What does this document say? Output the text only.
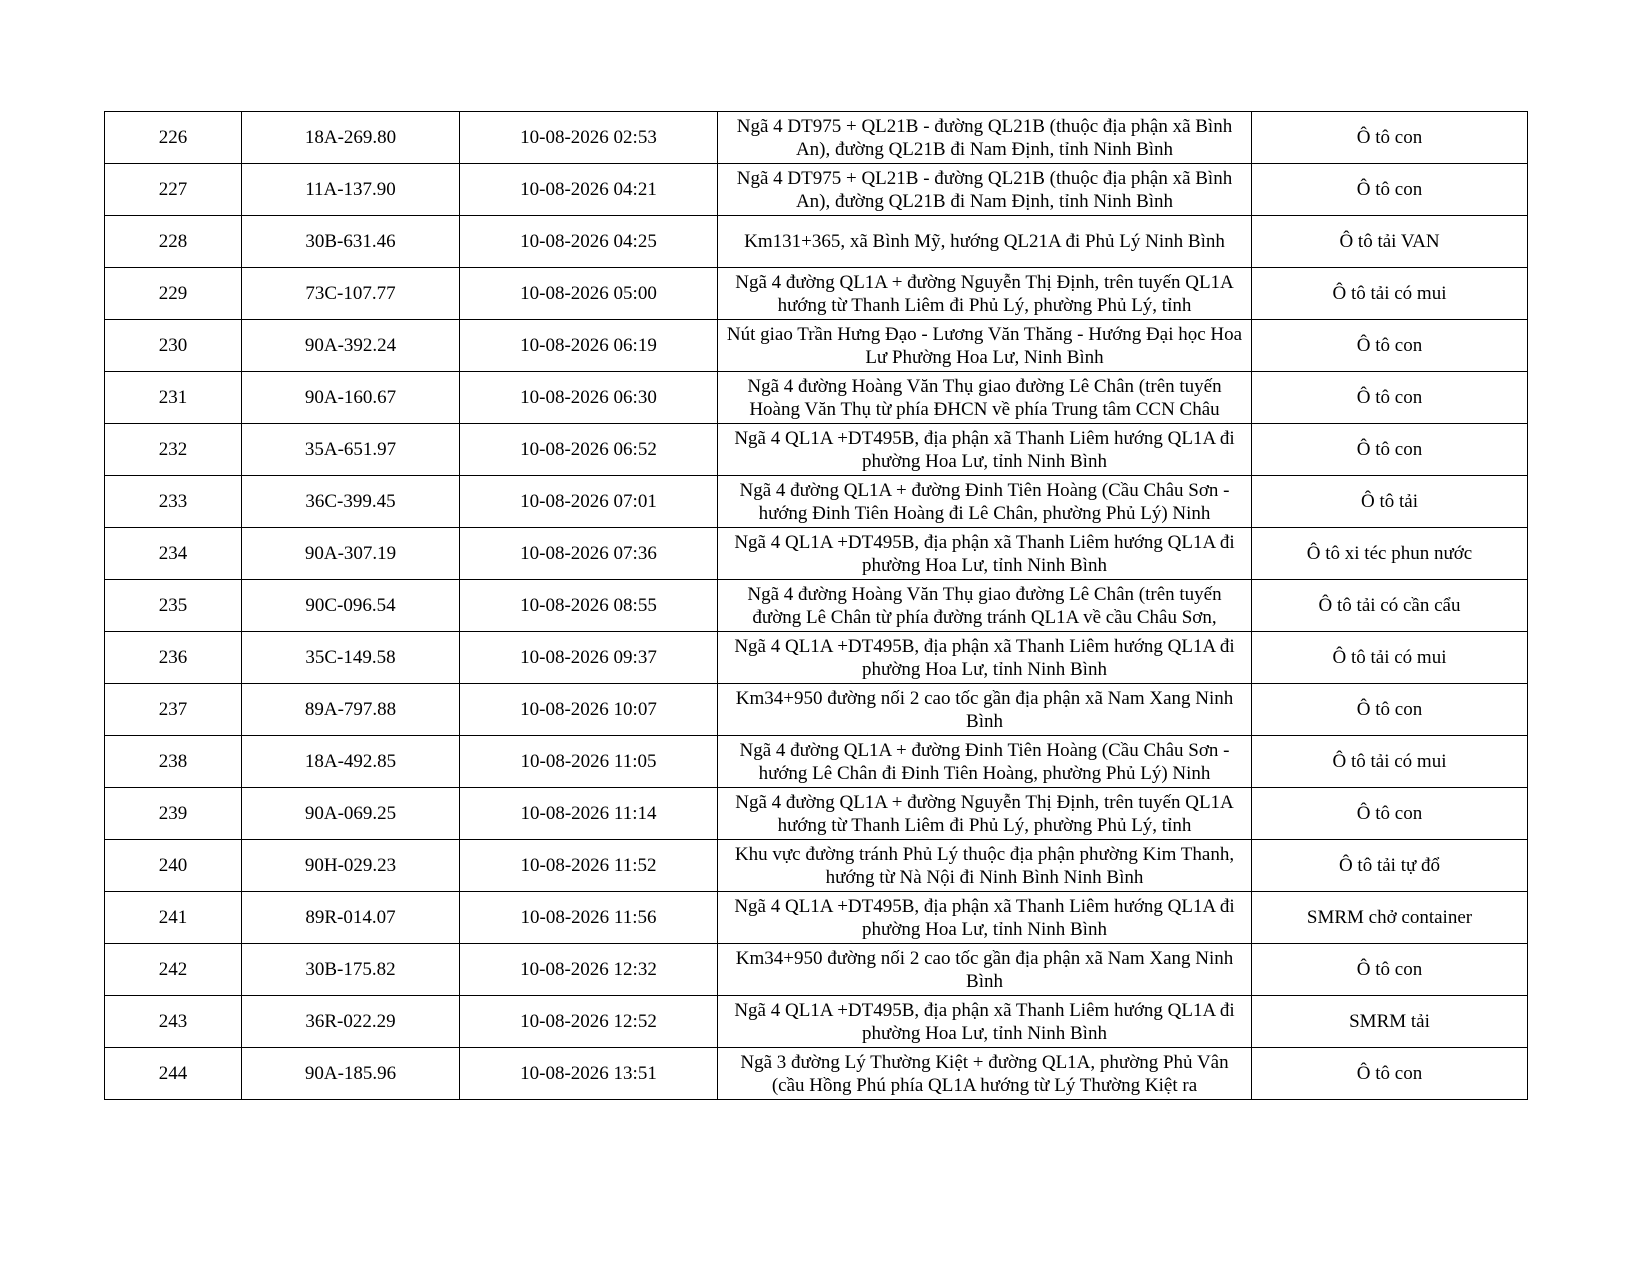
226	18A-269.80	10-08-2026 02:53	Ngã 4 DT975 + QL21B - đường QL21B (thuộc địa phận xã Bình An), đường QL21B đi Nam Định, tỉnh Ninh Bình	Ô tô con
227	11A-137.90	10-08-2026 04:21	Ngã 4 DT975 + QL21B - đường QL21B (thuộc địa phận xã Bình An), đường QL21B đi Nam Định, tỉnh Ninh Bình	Ô tô con
228	30B-631.46	10-08-2026 04:25	Km131+365, xã Bình Mỹ, hướng QL21A đi Phủ Lý Ninh Bình	Ô tô tải VAN
229	73C-107.77	10-08-2026 05:00	Ngã 4 đường QL1A + đường Nguyễn Thị Định, trên tuyến QL1A hướng từ Thanh Liêm đi Phủ Lý, phường Phủ Lý, tỉnh	Ô tô tải có mui
230	90A-392.24	10-08-2026 06:19	Nút giao Trần Hưng Đạo - Lương Văn Thăng - Hướng Đại học Hoa Lư Phường Hoa Lư, Ninh Bình	Ô tô con
231	90A-160.67	10-08-2026 06:30	Ngã 4 đường Hoàng Văn Thụ giao đường Lê Chân (trên tuyến Hoàng Văn Thụ từ phía ĐHCN về phía Trung tâm CCN Châu	Ô tô con
232	35A-651.97	10-08-2026 06:52	Ngã 4 QL1A +DT495B, địa phận xã Thanh Liêm hướng QL1A đi phường Hoa Lư, tỉnh Ninh Bình	Ô tô con
233	36C-399.45	10-08-2026 07:01	Ngã 4 đường QL1A + đường Đinh Tiên Hoàng (Cầu Châu Sơn - hướng Đinh Tiên Hoàng đi Lê Chân, phường Phủ Lý) Ninh	Ô tô tải
234	90A-307.19	10-08-2026 07:36	Ngã 4 QL1A +DT495B, địa phận xã Thanh Liêm hướng QL1A đi phường Hoa Lư, tỉnh Ninh Bình	Ô tô xi téc phun nước
235	90C-096.54	10-08-2026 08:55	Ngã 4 đường Hoàng Văn Thụ giao đường Lê Chân (trên tuyến đường Lê Chân từ phía đường tránh QL1A về cầu Châu Sơn,	Ô tô tải có cần cẩu
236	35C-149.58	10-08-2026 09:37	Ngã 4 QL1A +DT495B, địa phận xã Thanh Liêm hướng QL1A đi phường Hoa Lư, tỉnh Ninh Bình	Ô tô tải có mui
237	89A-797.88	10-08-2026 10:07	Km34+950 đường nối 2 cao tốc gần địa phận xã Nam Xang Ninh Bình	Ô tô con
238	18A-492.85	10-08-2026 11:05	Ngã 4 đường QL1A + đường Đinh Tiên Hoàng (Cầu Châu Sơn - hướng Lê Chân đi Đinh Tiên Hoàng, phường Phủ Lý) Ninh	Ô tô tải có mui
239	90A-069.25	10-08-2026 11:14	Ngã 4 đường QL1A + đường Nguyễn Thị Định, trên tuyến QL1A hướng từ Thanh Liêm đi Phủ Lý, phường Phủ Lý, tỉnh	Ô tô con
240	90H-029.23	10-08-2026 11:52	Khu vực đường tránh Phủ Lý thuộc địa phận phường Kim Thanh, hướng từ Nà Nội đi Ninh Bình Ninh Bình	Ô tô tải tự đổ
241	89R-014.07	10-08-2026 11:56	Ngã 4 QL1A +DT495B, địa phận xã Thanh Liêm hướng QL1A đi phường Hoa Lư, tỉnh Ninh Bình	SMRM chở container
242	30B-175.82	10-08-2026 12:32	Km34+950 đường nối 2 cao tốc gần địa phận xã Nam Xang Ninh Bình	Ô tô con
243	36R-022.29	10-08-2026 12:52	Ngã 4 QL1A +DT495B, địa phận xã Thanh Liêm hướng QL1A đi phường Hoa Lư, tỉnh Ninh Bình	SMRM tải
244	90A-185.96	10-08-2026 13:51	Ngã 3 đường Lý Thường Kiệt + đường QL1A, phường Phủ Vân (cầu Hồng Phú phía QL1A hướng từ Lý Thường Kiệt ra	Ô tô con
